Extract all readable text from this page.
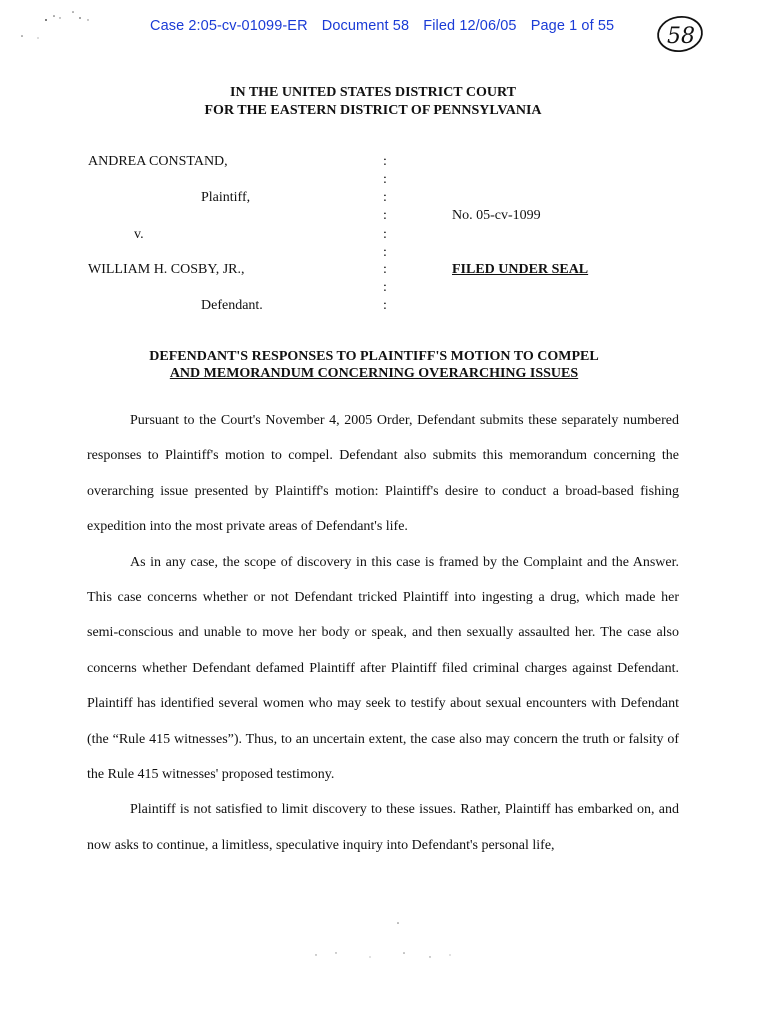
Case 2:05-cv-01099-ER Document 58 Filed 12/06/05 Page 1 of 55	58
IN THE UNITED STATES DISTRICT COURT
FOR THE EASTERN DISTRICT OF PENNSYLVANIA
ANDREA CONSTAND,
Plaintiff,
v.
WILLIAM H. COSBY, JR.,
Defendant.
:
:
:
:
:
:
:
:
:
No. 05-cv-1099
FILED UNDER SEAL
DEFENDANT'S RESPONSES TO PLAINTIFF'S MOTION TO COMPEL
AND MEMORANDUM CONCERNING OVERARCHING ISSUES

Pursuant to the Court's November 4, 2005 Order, Defendant submits these separately numbered responses to Plaintiff's motion to compel. Defendant also submits this memorandum concerning the overarching issue presented by Plaintiff's motion: Plaintiff's desire to conduct a broad-based fishing expedition into the most private areas of Defendant's life.

As in any case, the scope of discovery in this case is framed by the Complaint and the Answer. This case concerns whether or not Defendant tricked Plaintiff into ingesting a drug, which made her semi-conscious and unable to move her body or speak, and then sexually assaulted her. The case also concerns whether Defendant defamed Plaintiff after Plaintiff filed criminal charges against Defendant. Plaintiff has identified several women who may seek to testify about sexual encounters with Defendant (the “Rule 415 witnesses”). Thus, to an uncertain extent, the case also may concern the truth or falsity of the Rule 415 witnesses' proposed testimony.

Plaintiff is not satisfied to limit discovery to these issues. Rather, Plaintiff has embarked on, and now asks to continue, a limitless, speculative inquiry into Defendant's personal life,
